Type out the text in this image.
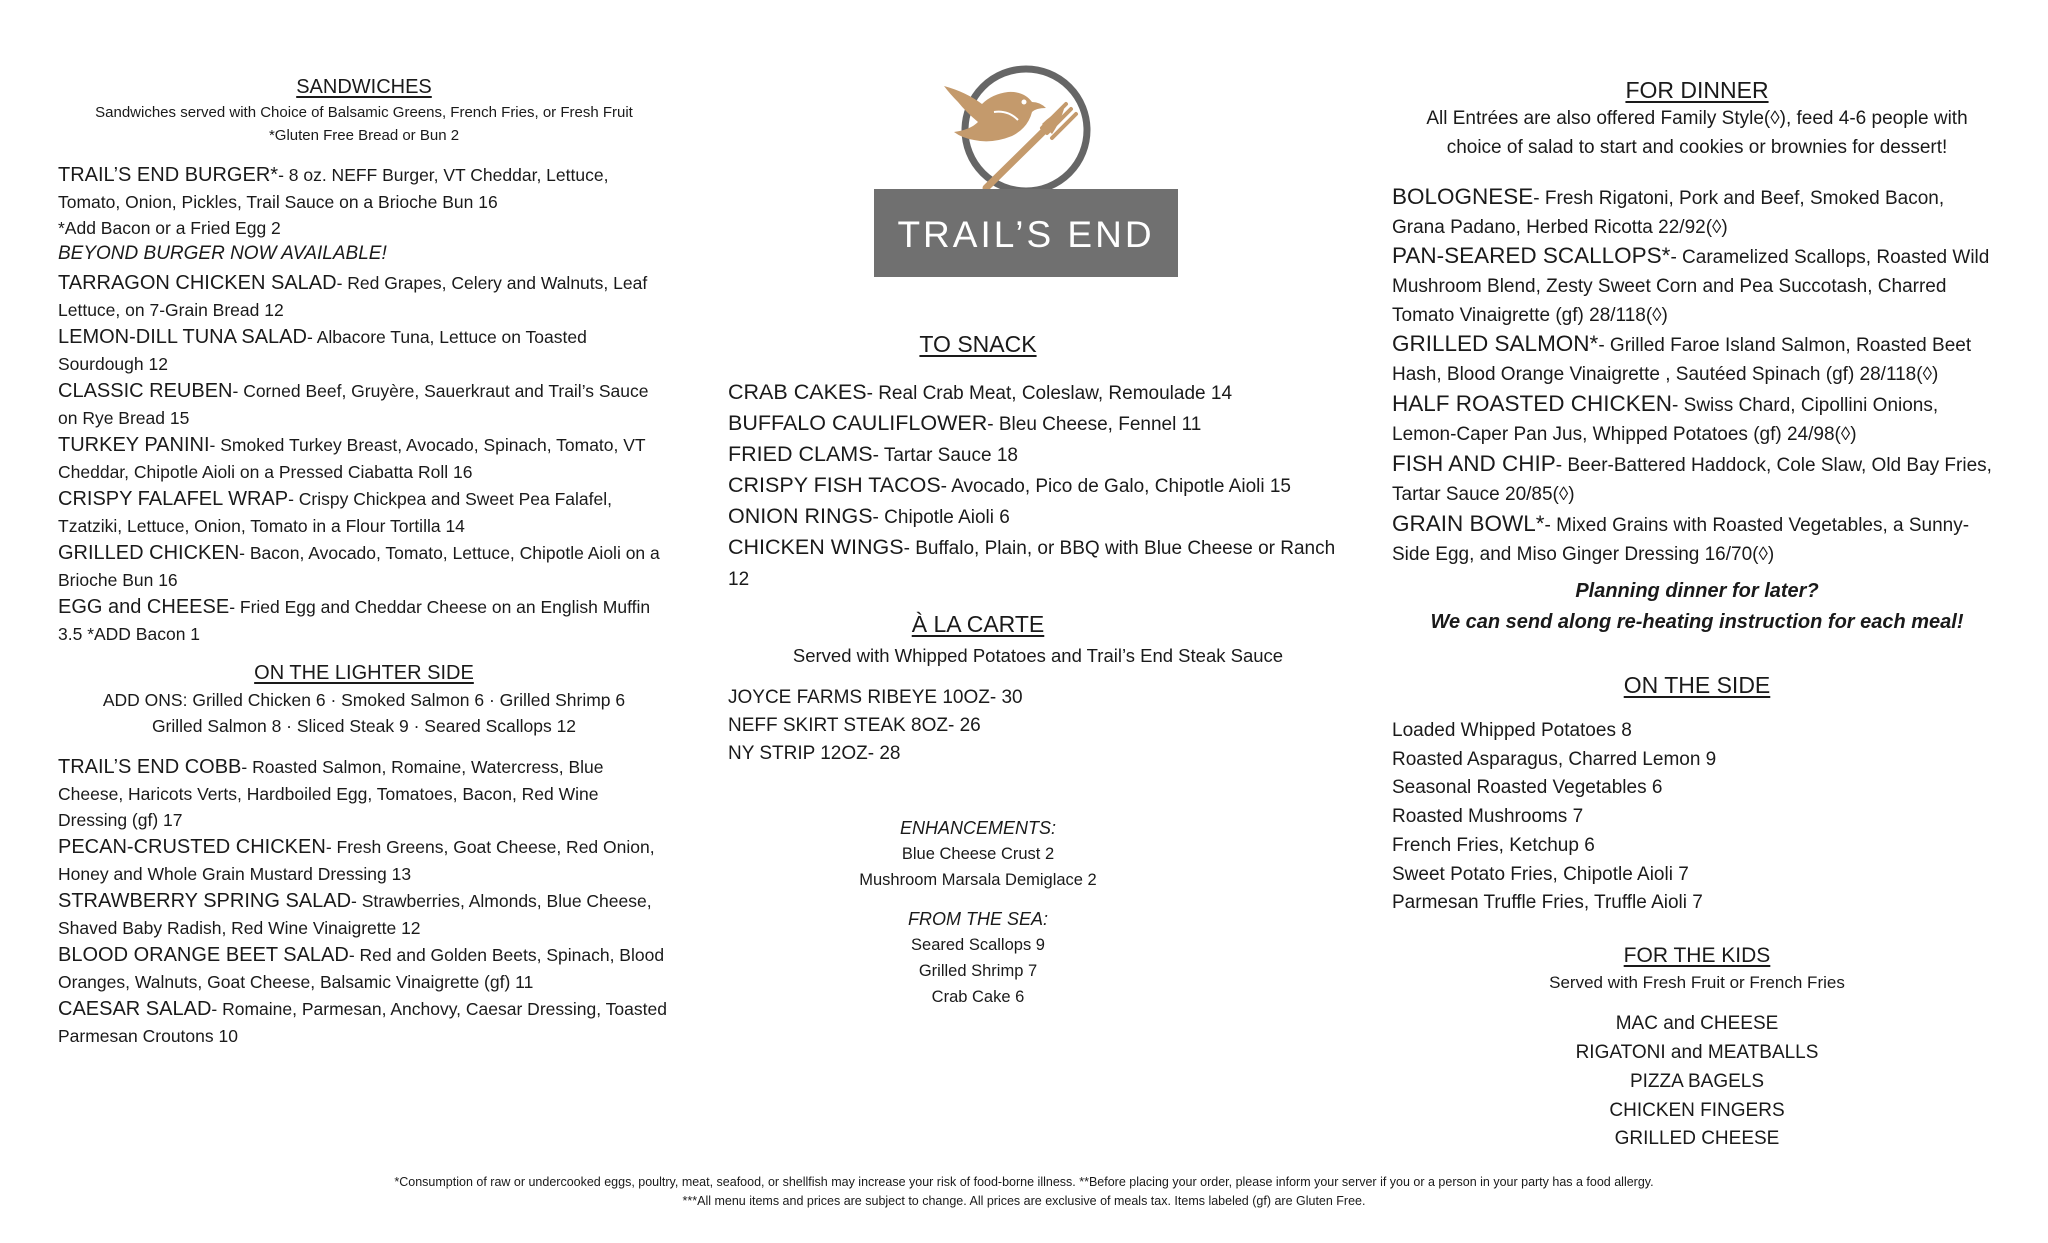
SANDWICHES
Sandwiches served with Choice of Balsamic Greens, French Fries, or Fresh Fruit
*Gluten Free Bread or Bun 2
TRAIL’S END BURGER*- 8 oz. NEFF Burger, VT Cheddar, Lettuce, Tomato, Onion, Pickles, Trail Sauce on a Brioche Bun 16
*Add Bacon or a Fried Egg 2
BEYOND BURGER NOW AVAILABLE!
TARRAGON CHICKEN SALAD- Red Grapes, Celery and Walnuts, Leaf Lettuce, on 7-Grain Bread 12
LEMON-DILL TUNA SALAD- Albacore Tuna, Lettuce on Toasted Sourdough 12
CLASSIC REUBEN- Corned Beef, Gruyère, Sauerkraut and Trail’s Sauce on Rye Bread 15
TURKEY PANINI- Smoked Turkey Breast, Avocado, Spinach, Tomato, VT Cheddar, Chipotle Aioli on a Pressed Ciabatta Roll 16
CRISPY FALAFEL WRAP- Crispy Chickpea and Sweet Pea Falafel, Tzatziki, Lettuce, Onion, Tomato in a Flour Tortilla 14
GRILLED CHICKEN- Bacon, Avocado, Tomato, Lettuce, Chipotle Aioli on a Brioche Bun 16
EGG and CHEESE- Fried Egg and Cheddar Cheese on an English Muffin 3.5 *ADD Bacon 1
ON THE LIGHTER SIDE
ADD ONS: Grilled Chicken 6 · Smoked Salmon 6 · Grilled Shrimp 6
Grilled Salmon 8 · Sliced Steak 9 · Seared Scallops 12
TRAIL’S END COBB- Roasted Salmon, Romaine, Watercress, Blue Cheese, Haricots Verts, Hardboiled Egg, Tomatoes, Bacon, Red Wine Dressing (gf) 17
PECAN-CRUSTED CHICKEN- Fresh Greens, Goat Cheese, Red Onion, Honey and Whole Grain Mustard Dressing 13
STRAWBERRY SPRING SALAD- Strawberries, Almonds, Blue Cheese, Shaved Baby Radish, Red Wine Vinaigrette 12
BLOOD ORANGE BEET SALAD- Red and Golden Beets, Spinach, Blood Oranges, Walnuts, Goat Cheese, Balsamic Vinaigrette (gf) 11
CAESAR SALAD- Romaine, Parmesan, Anchovy, Caesar Dressing, Toasted Parmesan Croutons 10
TRAIL’S END
TO SNACK
CRAB CAKES- Real Crab Meat, Coleslaw, Remoulade 14
BUFFALO CAULIFLOWER- Bleu Cheese, Fennel 11
FRIED CLAMS- Tartar Sauce 18
CRISPY FISH TACOS- Avocado, Pico de Galo, Chipotle Aioli 15
ONION RINGS- Chipotle Aioli 6
CHICKEN WINGS- Buffalo, Plain, or BBQ with Blue Cheese or Ranch 12
À LA CARTE
Served with Whipped Potatoes and Trail’s End Steak Sauce
JOYCE FARMS RIBEYE 10OZ- 30
NEFF SKIRT STEAK 8OZ- 26
NY STRIP 12OZ- 28
ENHANCEMENTS:
Blue Cheese Crust 2
Mushroom Marsala Demiglace 2
FROM THE SEA:
Seared Scallops 9
Grilled Shrimp 7
Crab Cake 6
FOR DINNER
All Entrées are also offered Family Style(◊), feed 4-6 people with
choice of salad to start and cookies or brownies for dessert!
BOLOGNESE- Fresh Rigatoni, Pork and Beef, Smoked Bacon, Grana Padano, Herbed Ricotta 22/92(◊)
PAN-SEARED SCALLOPS*- Caramelized Scallops, Roasted Wild Mushroom Blend, Zesty Sweet Corn and Pea Succotash, Charred Tomato Vinaigrette (gf) 28/118(◊)
GRILLED SALMON*- Grilled Faroe Island Salmon, Roasted Beet Hash, Blood Orange Vinaigrette , Sautéed Spinach (gf) 28/118(◊)
HALF ROASTED CHICKEN- Swiss Chard, Cipollini Onions, Lemon-Caper Pan Jus, Whipped Potatoes (gf) 24/98(◊)
FISH AND CHIP- Beer-Battered Haddock, Cole Slaw, Old Bay Fries, Tartar Sauce 20/85(◊)
GRAIN BOWL*- Mixed Grains with Roasted Vegetables, a Sunny-Side Egg, and Miso Ginger Dressing 16/70(◊)
Planning dinner for later?
We can send along re-heating instruction for each meal!
ON THE SIDE
Loaded Whipped Potatoes 8
Roasted Asparagus, Charred Lemon 9
Seasonal Roasted Vegetables 6
Roasted Mushrooms 7
French Fries, Ketchup 6
Sweet Potato Fries, Chipotle Aioli 7
Parmesan Truffle Fries, Truffle Aioli 7
FOR THE KIDS
Served with Fresh Fruit or French Fries
MAC and CHEESE
RIGATONI and MEATBALLS
PIZZA BAGELS
CHICKEN FINGERS
GRILLED CHEESE
*Consumption of raw or undercooked eggs, poultry, meat, seafood, or shellfish may increase your risk of food-borne illness. **Before placing your order, please inform your server if you or a person in your party has a food allergy.
***All menu items and prices are subject to change. All prices are exclusive of meals tax. Items labeled (gf) are Gluten Free.
